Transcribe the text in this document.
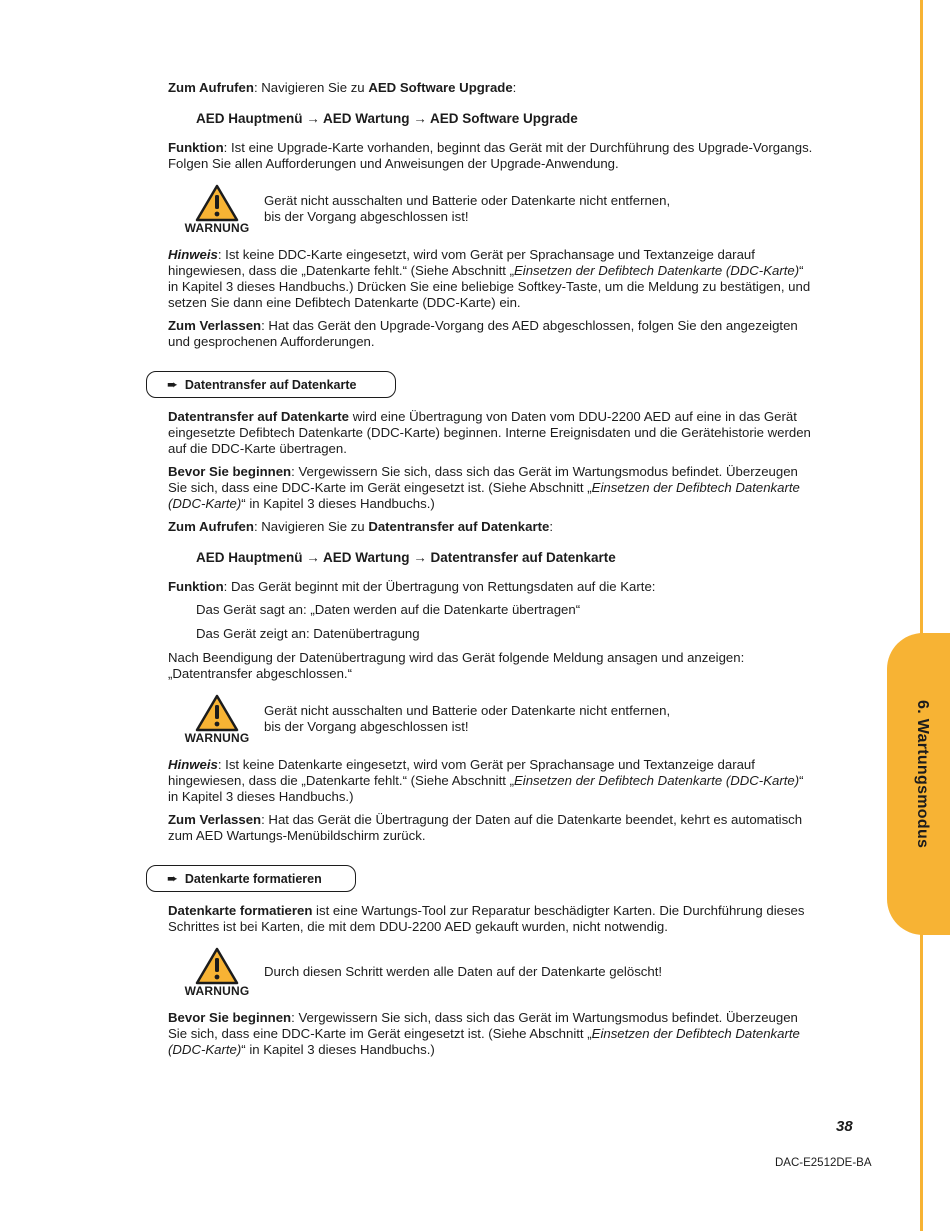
6. Wartungsmodus

Zum Aufrufen: Navigieren Sie zu AED Software Upgrade:

AED Hauptmenü → AED Wartung → AED Software Upgrade

Funktion: Ist eine Upgrade-Karte vorhanden, beginnt das Gerät mit der Durchführung des Upgrade-Vorgangs. Folgen Sie allen Aufforderungen und Anweisungen der Upgrade-Anwendung.

WARNUNG
Gerät nicht ausschalten und Batterie oder Datenkarte nicht entfernen,
bis der Vorgang abgeschlossen ist!

Hinweis: Ist keine DDC-Karte eingesetzt, wird vom Gerät per Sprachansage und Textanzeige darauf hingewiesen, dass die „Datenkarte fehlt.“ (Siehe Abschnitt „Einsetzen der Defibtech Datenkarte (DDC-Karte)“ in Kapitel 3 dieses Handbuchs.) Drücken Sie eine beliebige Softkey-Taste, um die Meldung zu bestätigen, und setzen Sie dann eine Defibtech Datenkarte (DDC-Karte) ein.

Zum Verlassen: Hat das Gerät den Upgrade-Vorgang des AED abgeschlossen, folgen Sie den angezeigten und gesprochenen Aufforderungen.

➨ Datentransfer auf Datenkarte

Datentransfer auf Datenkarte wird eine Übertragung von Daten vom DDU-2200 AED auf eine in das Gerät eingesetzte Defibtech Datenkarte (DDC-Karte) beginnen. Interne Ereignisdaten und die Gerätehistorie werden auf die DDC-Karte übertragen.

Bevor Sie beginnen: Vergewissern Sie sich, dass sich das Gerät im Wartungsmodus befindet. Überzeugen Sie sich, dass eine DDC-Karte im Gerät eingesetzt ist. (Siehe Abschnitt „Einsetzen der Defibtech Datenkarte (DDC-Karte)“ in Kapitel 3 dieses Handbuchs.)

Zum Aufrufen: Navigieren Sie zu Datentransfer auf Datenkarte:

AED Hauptmenü → AED Wartung → Datentransfer auf Datenkarte

Funktion: Das Gerät beginnt mit der Übertragung von Rettungsdaten auf die Karte:

Das Gerät sagt an: „Daten werden auf die Datenkarte übertragen“

Das Gerät zeigt an: Datenübertragung

Nach Beendigung der Datenübertragung wird das Gerät folgende Meldung ansagen und anzeigen: „Datentransfer abgeschlossen.“

WARNUNG
Gerät nicht ausschalten und Batterie oder Datenkarte nicht entfernen,
bis der Vorgang abgeschlossen ist!

Hinweis: Ist keine Datenkarte eingesetzt, wird vom Gerät per Sprachansage und Textanzeige darauf hingewiesen, dass die „Datenkarte fehlt.“ (Siehe Abschnitt „Einsetzen der Defibtech Datenkarte (DDC-Karte)“ in Kapitel 3 dieses Handbuchs.)

Zum Verlassen: Hat das Gerät die Übertragung der Daten auf die Datenkarte beendet, kehrt es automatisch zum AED Wartungs-Menübildschirm zurück.

➨ Datenkarte formatieren

Datenkarte formatieren ist eine Wartungs-Tool zur Reparatur beschädigter Karten. Die Durchführung dieses Schrittes ist bei Karten, die mit dem DDU-2200 AED gekauft wurden, nicht notwendig.

WARNUNG
Durch diesen Schritt werden alle Daten auf der Datenkarte gelöscht!

Bevor Sie beginnen: Vergewissern Sie sich, dass sich das Gerät im Wartungsmodus befindet. Überzeugen Sie sich, dass eine DDC-Karte im Gerät eingesetzt ist. (Siehe Abschnitt „Einsetzen der Defibtech Datenkarte (DDC-Karte)“ in Kapitel 3 dieses Handbuchs.)

38
DAC-E2512DE-BA
